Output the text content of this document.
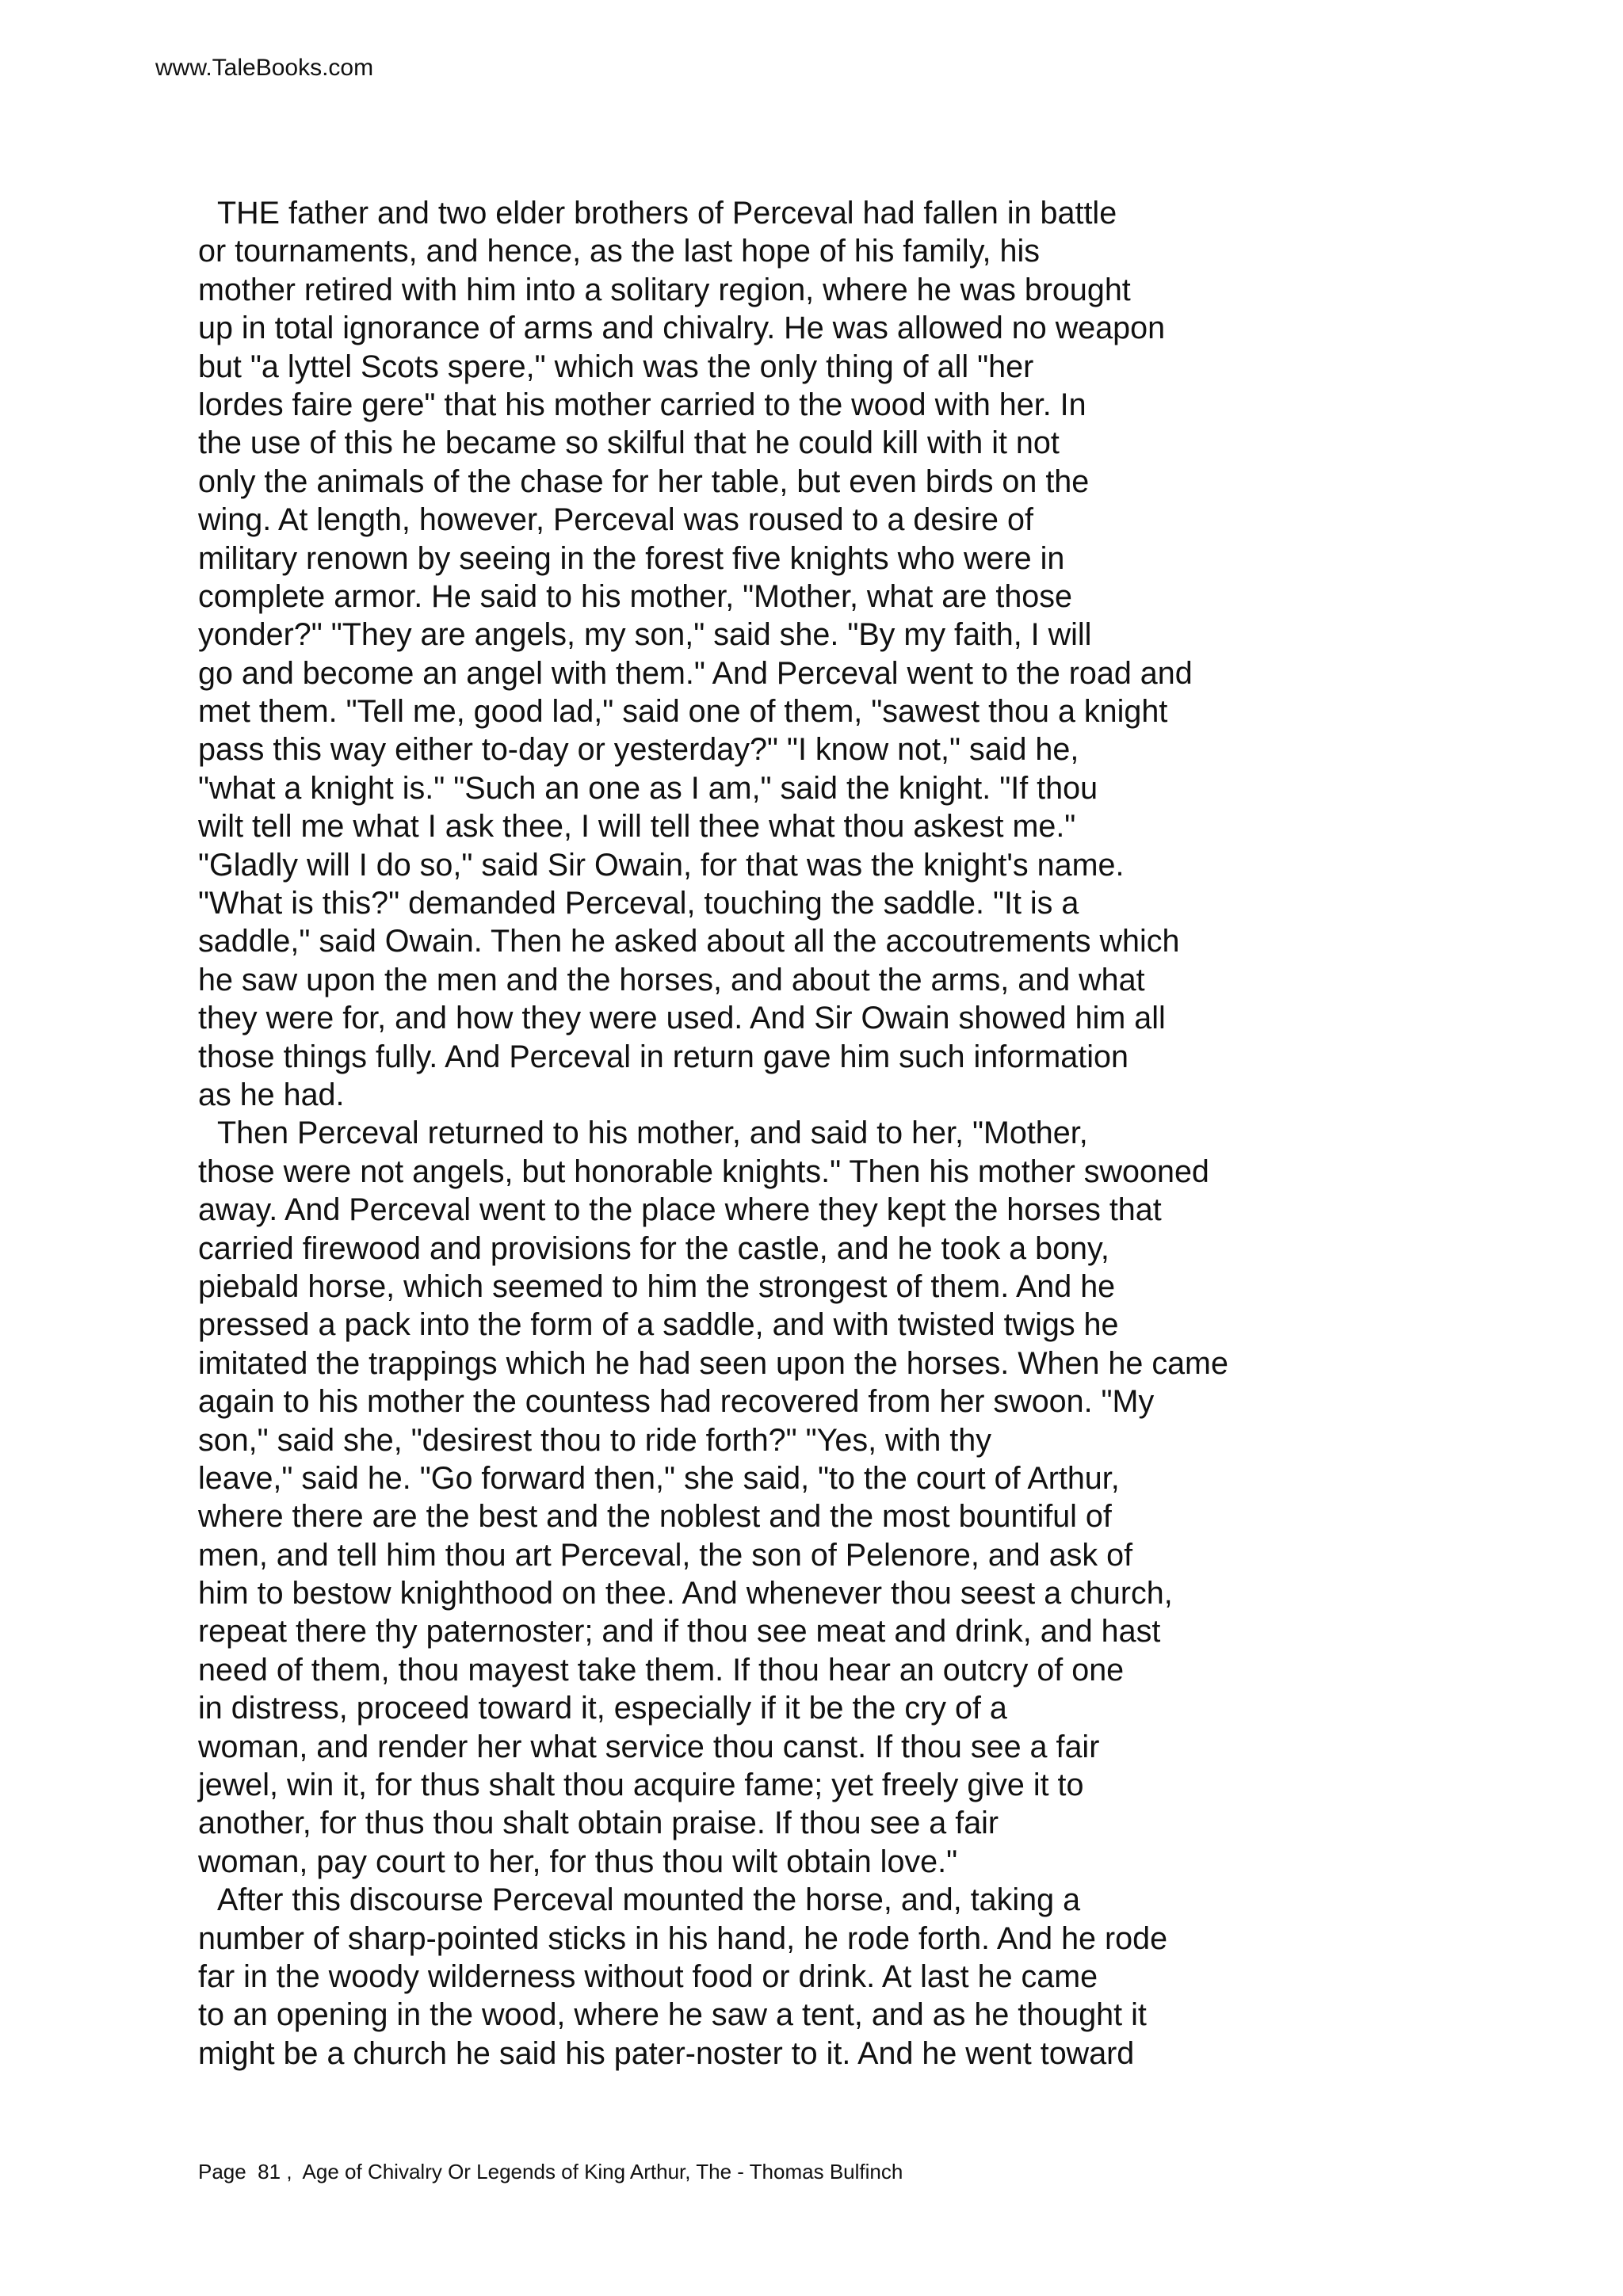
www.TaleBooks.com
THE father and two elder brothers of Perceval had fallen in battle
or tournaments, and hence, as the last hope of his family, his
mother retired with him into a solitary region, where he was brought
up in total ignorance of arms and chivalry. He was allowed no weapon
but "a lyttel Scots spere," which was the only thing of all "her
lordes faire gere" that his mother carried to the wood with her. In
the use of this he became so skilful that he could kill with it not
only the animals of the chase for her table, but even birds on the
wing. At length, however, Perceval was roused to a desire of
military renown by seeing in the forest five knights who were in
complete armor. He said to his mother, "Mother, what are those
yonder?" "They are angels, my son," said she. "By my faith, I will
go and become an angel with them." And Perceval went to the road and
met them. "Tell me, good lad," said one of them, "sawest thou a knight
pass this way either to-day or yesterday?" "I know not," said he,
"what a knight is." "Such an one as I am," said the knight. "If thou
wilt tell me what I ask thee, I will tell thee what thou askest me."
"Gladly will I do so," said Sir Owain, for that was the knight's name.
"What is this?" demanded Perceval, touching the saddle. "It is a
saddle," said Owain. Then he asked about all the accoutrements which
he saw upon the men and the horses, and about the arms, and what
they were for, and how they were used. And Sir Owain showed him all
those things fully. And Perceval in return gave him such information
as he had.
Then Perceval returned to his mother, and said to her, "Mother,
those were not angels, but honorable knights." Then his mother swooned
away. And Perceval went to the place where they kept the horses that
carried firewood and provisions for the castle, and he took a bony,
piebald horse, which seemed to him the strongest of them. And he
pressed a pack into the form of a saddle, and with twisted twigs he
imitated the trappings which he had seen upon the horses. When he came
again to his mother the countess had recovered from her swoon. "My
son," said she, "desirest thou to ride forth?" "Yes, with thy
leave," said he. "Go forward then," she said, "to the court of Arthur,
where there are the best and the noblest and the most bountiful of
men, and tell him thou art Perceval, the son of Pelenore, and ask of
him to bestow knighthood on thee. And whenever thou seest a church,
repeat there thy paternoster; and if thou see meat and drink, and hast
need of them, thou mayest take them. If thou hear an outcry of one
in distress, proceed toward it, especially if it be the cry of a
woman, and render her what service thou canst. If thou see a fair
jewel, win it, for thus shalt thou acquire fame; yet freely give it to
another, for thus thou shalt obtain praise. If thou see a fair
woman, pay court to her, for thus thou wilt obtain love."
After this discourse Perceval mounted the horse, and, taking a
number of sharp-pointed sticks in his hand, he rode forth. And he rode
far in the woody wilderness without food or drink. At last he came
to an opening in the wood, where he saw a tent, and as he thought it
might be a church he said his pater-noster to it. And he went toward
Page  81 ,  Age of Chivalry Or Legends of King Arthur, The - Thomas Bulfinch
